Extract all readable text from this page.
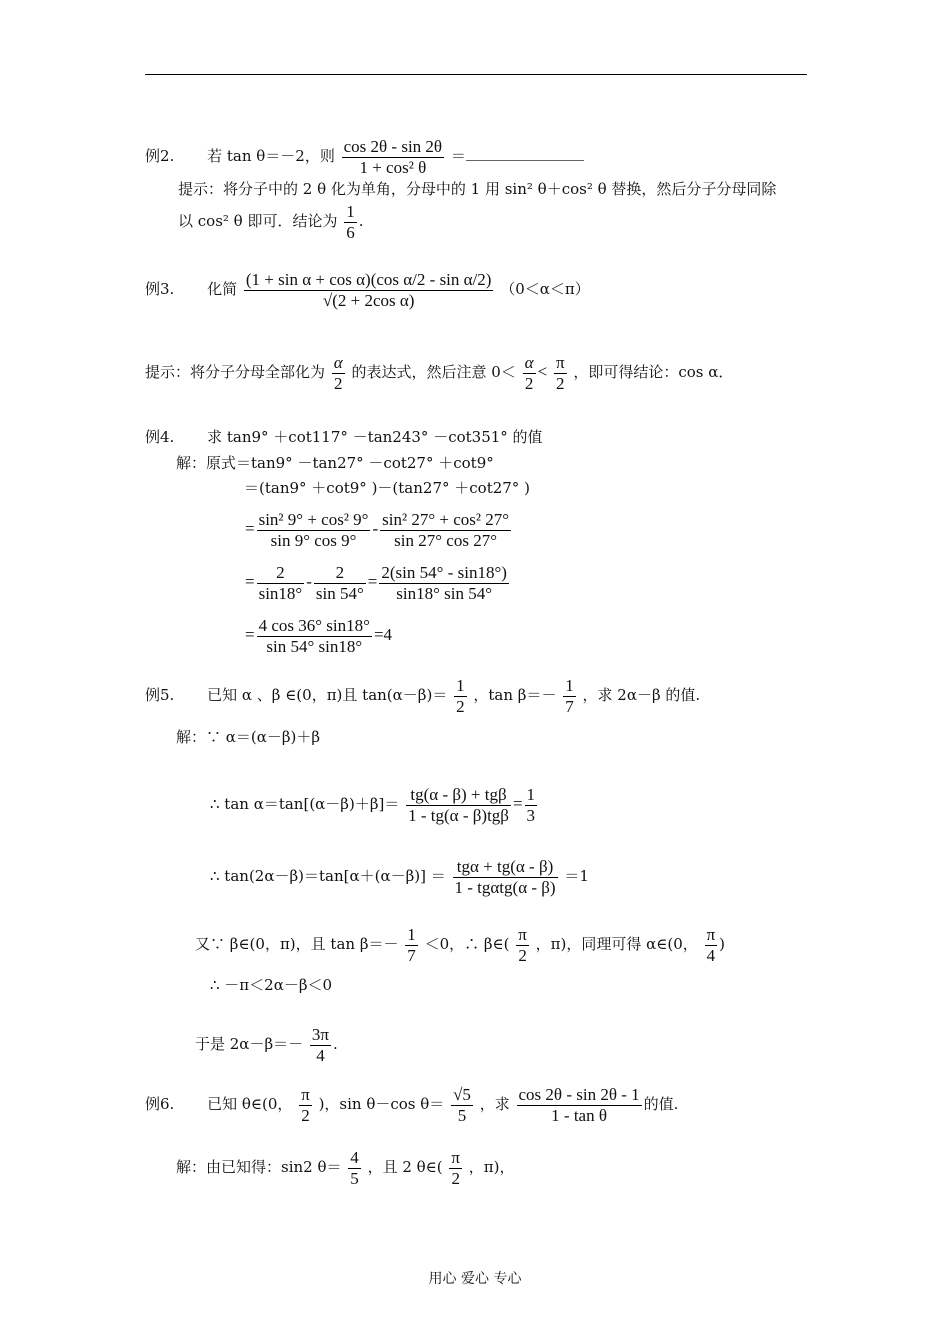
例2. 若 tan θ＝－2，则 $\frac{\cos 2\theta - \sin 2\theta}{\text{1 + cos² θ}}$ ＝
提示：将分子中的 2 θ 化为单角，分母中的 1 用 sin² θ＋cos² θ 替换，然后分子分母同除
以 cos² θ 即可．结论为 $\frac{1}{6}$ .
例3. 化简 $\frac{\text{(1 + sin α + cos α)(cos α/2 - sin α/2)}}{\text{√(2 + 2cos α)}} (0<\alpha<\pi)$
提示：将分子分母全部化为 $\frac{\alpha}{2}$ 的表达式，然后注意 $0< \frac{\alpha}{2} < \frac{\pi}{2}$ ，即可得结论：cos α．
例4. 求 tan9° ＋cot117° －tan243° －cot351° 的值
解：原式＝tan9° －tan27° －cot27° ＋cot9°
＝(tan9° ＋cot9° )－(tan27° ＋cot27° )
= $\frac{\text{sin² 9° + cos² 9°}}{\sin 9^\circ \cos 9^\circ} - \frac{\text{sin² 27° + cos² 27°}}{\sin 27^\circ \cos 27^\circ}$
= $\frac{2}{\sin 18^\circ} - \frac{2}{\sin 54^\circ} = \frac{2(\sin 54^\circ - \sin 18^\circ)}{\sin 18^\circ \sin 54^\circ}$
= $\frac{4 \cos 36^\circ \sin 18^\circ}{\sin 54^\circ \sin 18^\circ} =4$
例5. 已知 α 、β ∈(0，π)且 $\tan(\alpha-\beta)= \frac{1}{2}$ ，$\tan \beta=- \frac{1}{7}$ ，求 2α－β 的值.
解：∵ α＝(α－β)＋β
∴ $\tan \alpha=\tan[(\alpha-\beta)+\beta]= \frac{\text{tg(α - β) + tgβ}}{\text{1 - tg(α - β)tgβ}} = \frac{1}{3}$
∴ $\tan(2\alpha-\beta)=\tan[\alpha+(\alpha-\beta)] = \frac{\text{tgα + tg(α - β)}}{\text{1 - tgαtg(α - β)}} =1$
又∵ β∈(0，π)，且 $\tan \beta=- \frac{1}{7} <0$，∴ β∈( $\frac{\pi}{2}$ ，π)，同理可得 α∈(0， $\frac{\pi}{4}$ )
∴ －π＜2α－β＜0
于是 $2\alpha-\beta=- \frac{3\pi}{4}$ .
例6. 已知 θ∈(0， $\frac{\pi}{2}$ )，sin θ－cos $\theta= \frac{√5}{5}$ ，求 $\frac{\cos 2\theta - \sin 2\theta - 1}{\text{1 - tan θ}}$ 的值.
解：由已知得：sin2 $\theta= \frac{4}{5}$ ，且 2 θ∈( $\frac{\pi}{2}$ ，π)，
用心 爱心 专心
